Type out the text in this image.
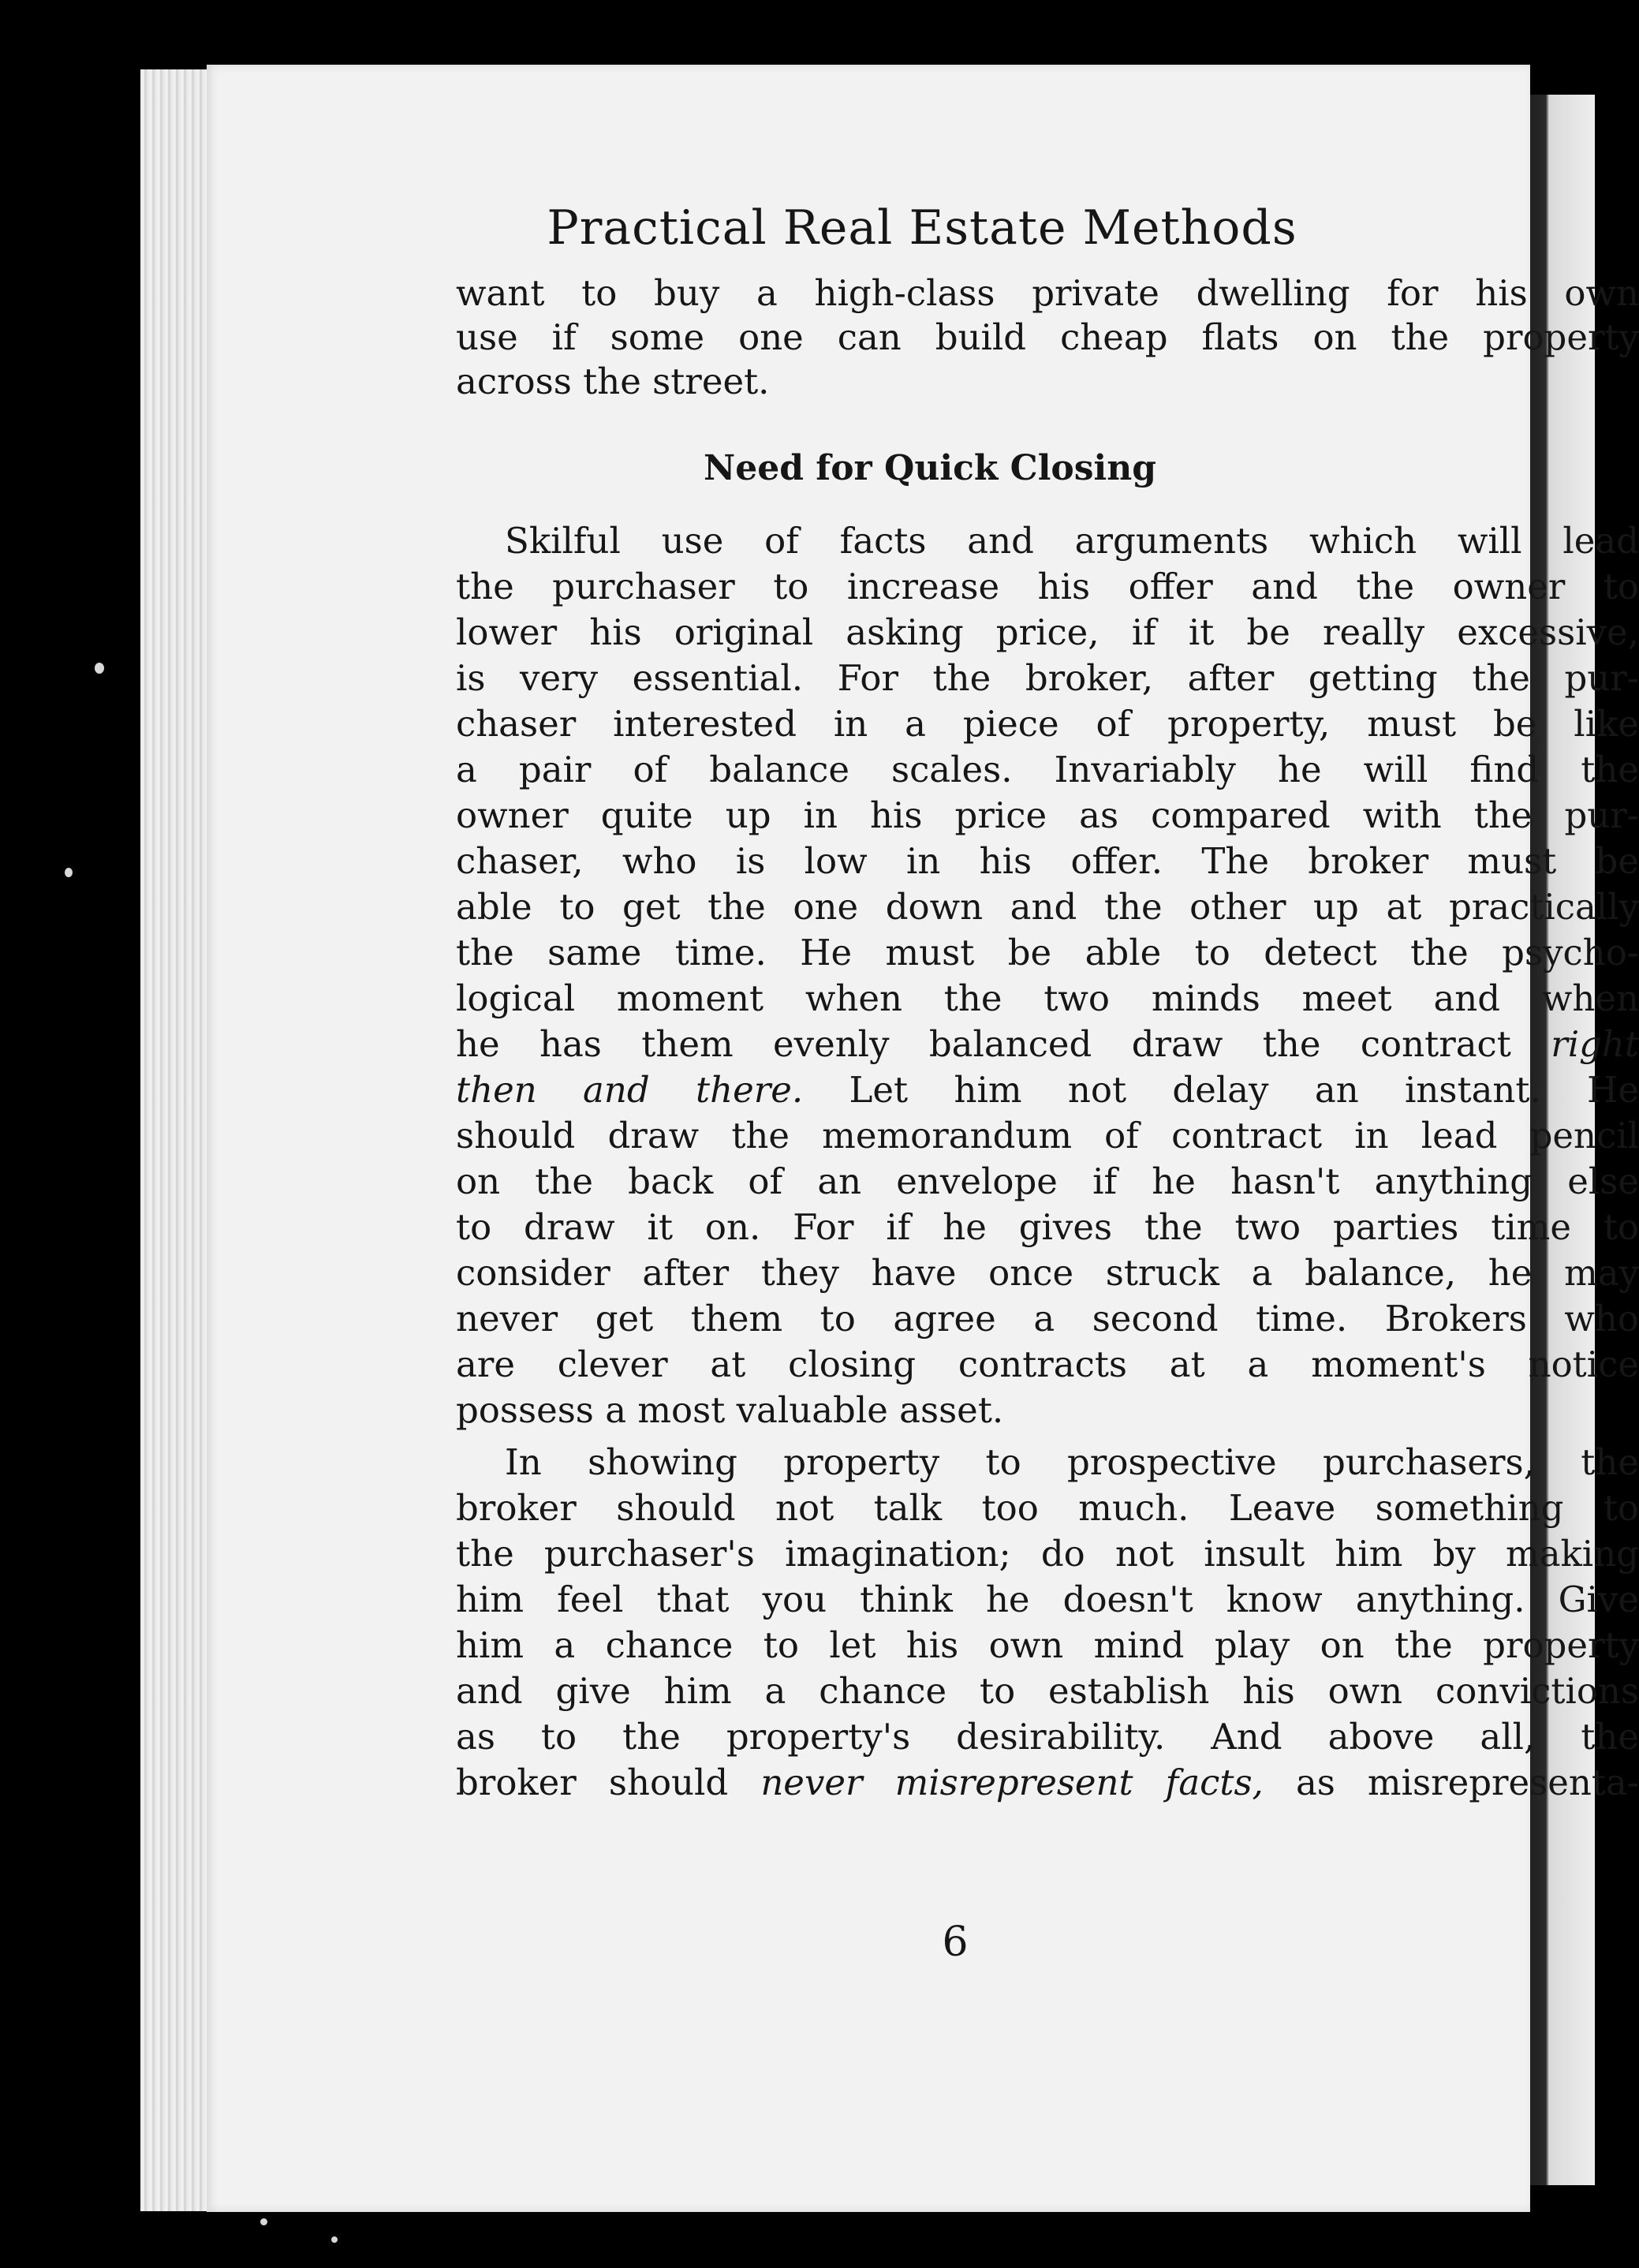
Practical Real Estate Methods
want to buy a high-class private dwelling for his own
use if some one can build cheap flats on the property
across the street.
Need for Quick Closing
Skilful use of facts and arguments which will lead
the purchaser to increase his offer and the owner to
lower his original asking price, if it be really excessive,
is very essential. For the broker, after getting the pur-
chaser interested in a piece of property, must be like
a pair of balance scales. Invariably he will find the
owner quite up in his price as compared with the pur-
chaser, who is low in his offer. The broker must be
able to get the one down and the other up at practically
the same time. He must be able to detect the psycho-
logical moment when the two minds meet and when
he has them evenly balanced draw the contract right
then and there. Let him not delay an instant. He
should draw the memorandum of contract in lead pencil
on the back of an envelope if he hasn't anything else
to draw it on. For if he gives the two parties time to
consider after they have once struck a balance, he may
never get them to agree a second time. Brokers who
are clever at closing contracts at a moment's notice
possess a most valuable asset.
In showing property to prospective purchasers, the
broker should not talk too much. Leave something to
the purchaser's imagination; do not insult him by making
him feel that you think he doesn't know anything. Give
him a chance to let his own mind play on the property
and give him a chance to establish his own convictions
as to the property's desirability. And above all, the
broker should never misrepresent facts, as misrepresenta-
6
